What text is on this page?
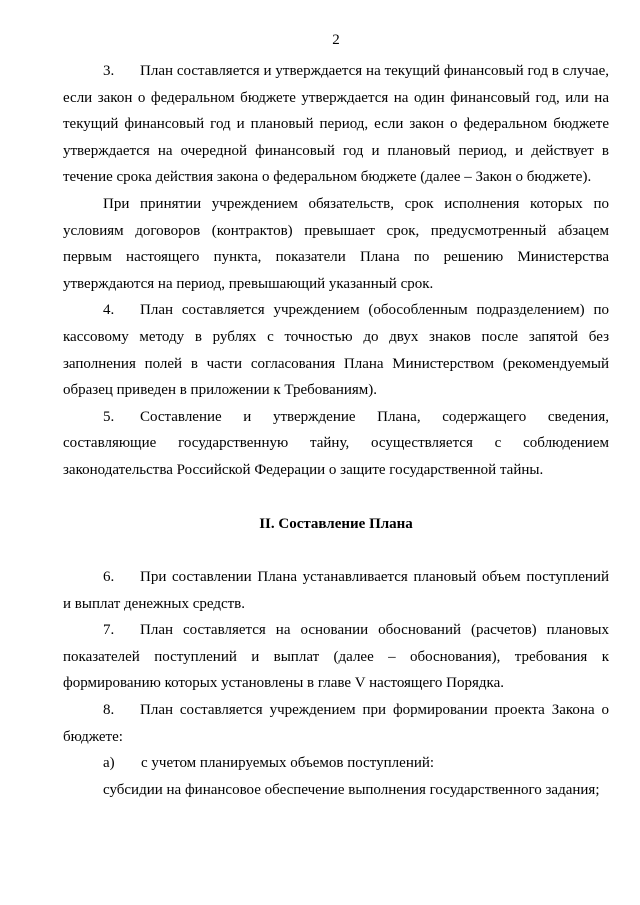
2

3. План составляется и утверждается на текущий финансовый год в случае, если закон о федеральном бюджете утверждается на один финансовый год, или на текущий финансовый год и плановый период, если закон о федеральном бюджете утверждается на очередной финансовый год и плановый период, и действует в течение срока действия закона о федеральном бюджете (далее – Закон о бюджете).

При принятии учреждением обязательств, срок исполнения которых по условиям договоров (контрактов) превышает срок, предусмотренный абзацем первым настоящего пункта, показатели Плана по решению Министерства утверждаются на период, превышающий указанный срок.

4. План составляется учреждением (обособленным подразделением) по кассовому методу в рублях с точностью до двух знаков после запятой без заполнения полей в части согласования Плана Министерством (рекомендуемый образец приведен в приложении к Требованиям).

5. Составление и утверждение Плана, содержащего сведения, составляющие государственную тайну, осуществляется с соблюдением законодательства Российской Федерации о защите государственной тайны.

II. Составление Плана

6. При составлении Плана устанавливается плановый объем поступлений и выплат денежных средств.

7. План составляется на основании обоснований (расчетов) плановых показателей поступлений и выплат (далее – обоснования), требования к формированию которых установлены в главе V настоящего Порядка.

8. План составляется учреждением при формировании проекта Закона о бюджете:

а) с учетом планируемых объемов поступлений:

субсидии на финансовое обеспечение выполнения государственного задания;
